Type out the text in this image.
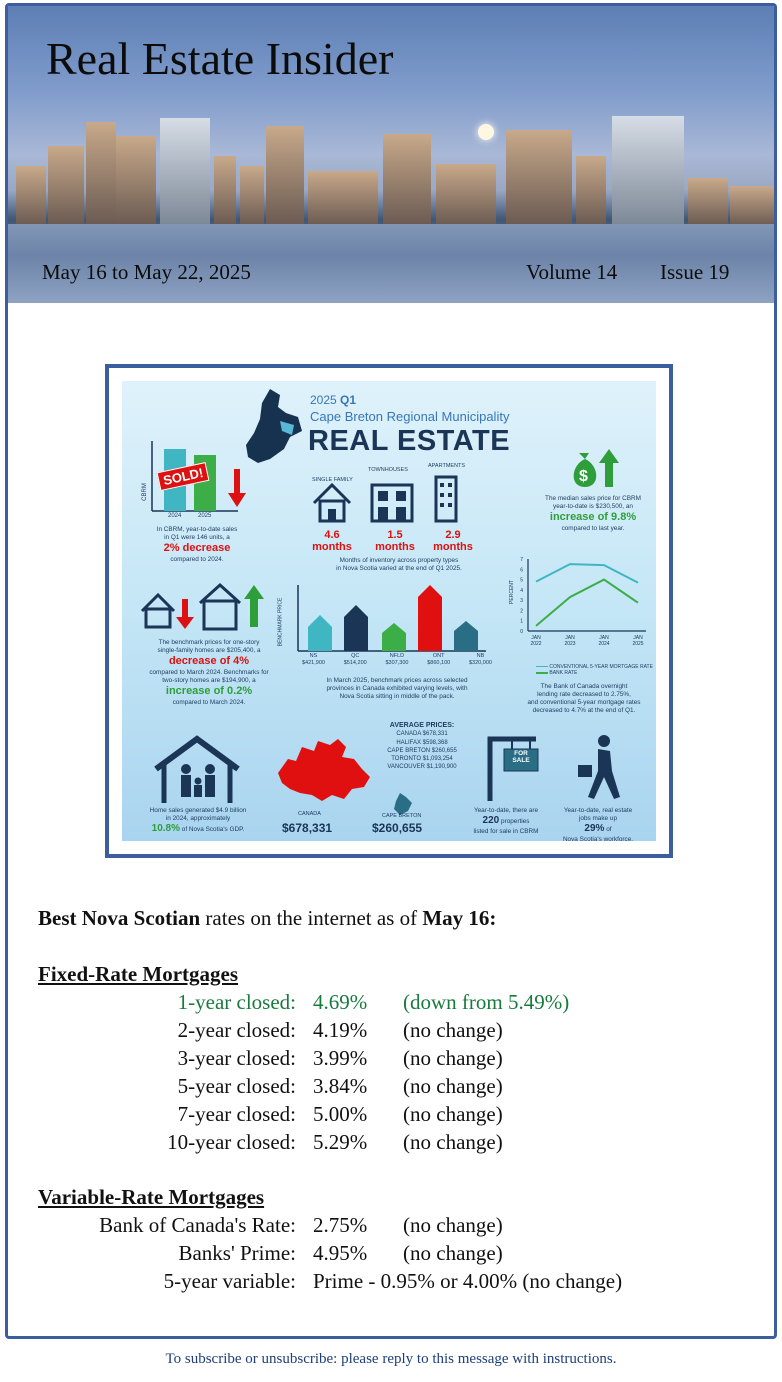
Real Estate Insider
May 16 to May 22, 2025	Volume 14 Issue 19
2025 Q1
Cape Breton Regional Municipality
REAL ESTATE
SOLD!
CBRM
2024	2025
In CBRM, year-to-date sales
in Q1 were 146 units, a
2% decrease
compared to 2024.
SINGLE FAMILY
TOWNHOUSES
APARTMENTS
4.6
months
1.5
months
2.9
months
Months of inventory across property types
in Nova Scotia varied at the end of Q1 2025.
$
The median sales price for CBRM
year-to-date is $230,500, an
increase of 9.8%
compared to last year.
The benchmark prices for one-story
single-family homes are $205,400, a
decrease of 4%
compared to March 2024. Benchmarks for
two-story homes are $194,900, a
increase of 0.2%
compared to March 2024.
BENCHMARK PRICE
NS
$421,900
QC
$514,200
NFLD
$307,300
ONT
$860,100
NB
$320,000
In March 2025, benchmark prices across selected
provinces in Canada exhibited varying levels, with
Nova Scotia sitting in middle of the pack.
0
1
2
3
4
5
6
7
JAN
2022
JAN
2023
JAN
2024
JAN
2025
PERCENT
CONVENTIONAL 5-YEAR MORTGAGE RATE
BANK RATE
The Bank of Canada overnight
lending rate decreased to 2.75%,
and conventional 5-year mortgage rates
decreased to 4.7% at the end of Q1.
Home sales generated $4.9 billion
in 2024, approximately
10.8% of Nova Scotia's GDP.
CANADA
$678,331
AVERAGE PRICES:
CANADA $678,331
HALIFAX $598,368
CAPE BRETON $260,655
TORONTO $1,093,254
VANCOUVER $1,190,900
CAPE BRETON
$260,655
FOR
SALE
Year-to-date, there are
220 properties
listed for sale in CBRM
Year-to-date, real estate
jobs make up
29% of
Nova Scotia's workforce.
Best Nova Scotian rates on the internet as of May 16:
Fixed-Rate Mortgages
1-year closed: 4.69% (down from 5.49%)
2-year closed: 4.19% (no change)
3-year closed: 3.99% (no change)
5-year closed: 3.84% (no change)
7-year closed: 5.00% (no change)
10-year closed: 5.29% (no change)
Variable-Rate Mortgages
Bank of Canada's Rate: 2.75% (no change)
Banks' Prime: 4.95% (no change)
5-year variable: Prime - 0.95% or 4.00% (no change)
To subscribe or unsubscribe: please reply to this message with instructions.
